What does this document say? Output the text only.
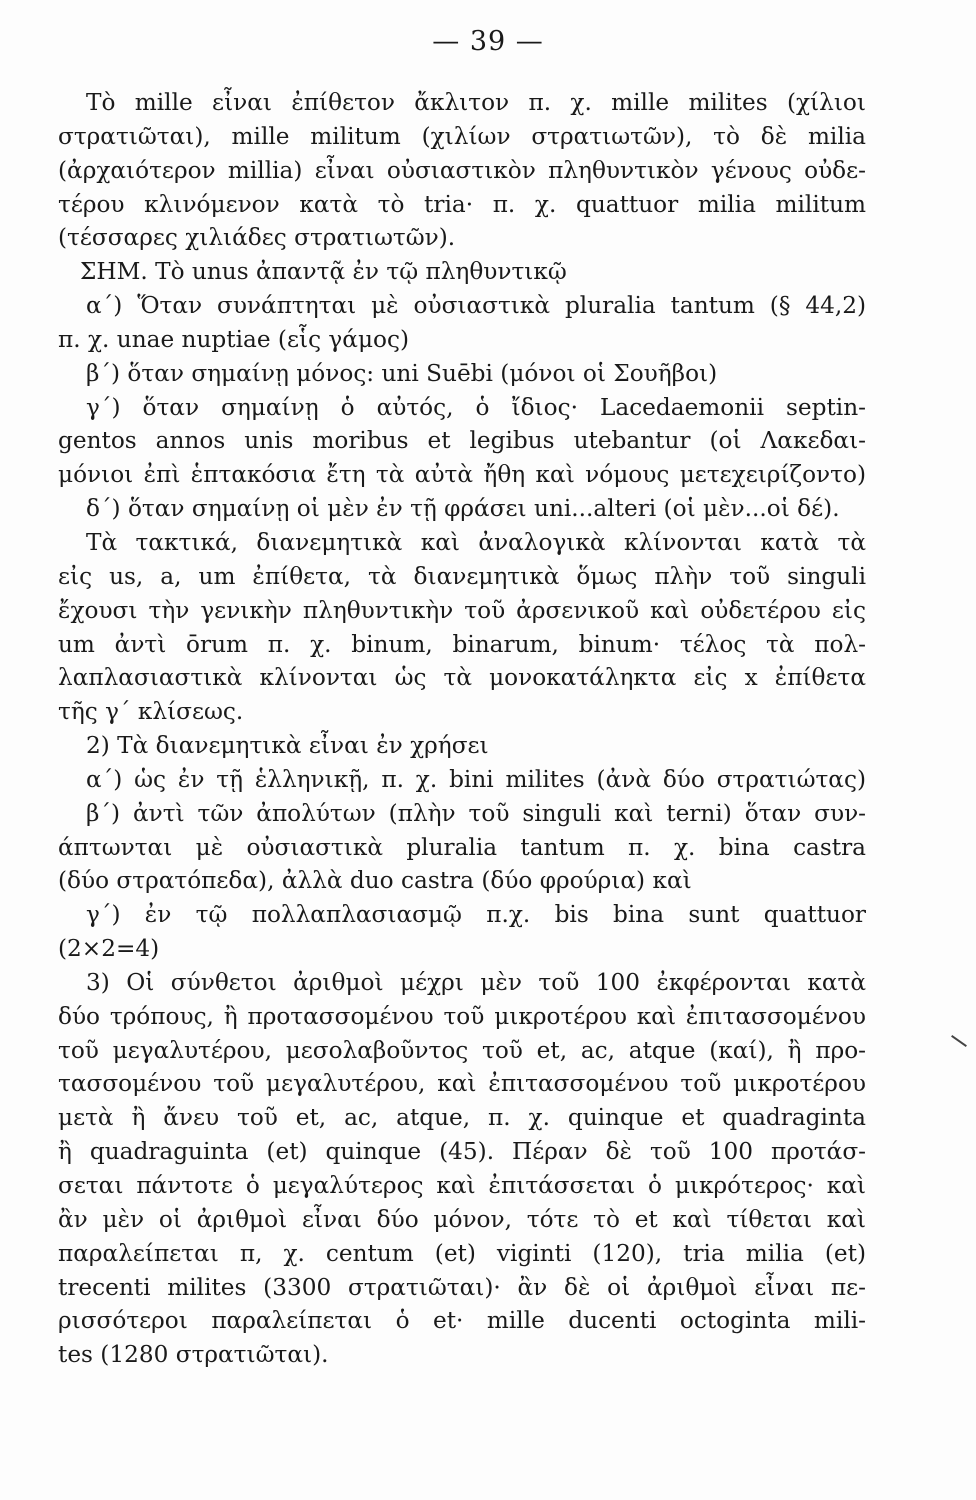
— 39 —
Τὸ mille εἶναι ἐπίθετον ἄκλιτον π. χ. mille milites (χίλιοι
στρατιῶται), mille militum (χιλίων στρατιωτῶν), τὸ δὲ milia
(ἀρχαιότερον millia) εἶναι οὐσιαστικὸν πληθυντικὸν γένους οὐδε-
τέρου κλινόμενον κατὰ τὸ tria· π. χ. quattuor milia militum
(τέσσαρες χιλιάδες στρατιωτῶν).
ΣΗΜ. Τὸ unus ἀπαντᾷ ἐν τῷ πληθυντικῷ
α΄) Ὅταν συνάπτηται μὲ οὐσιαστικὰ pluralia tantum (§ 44,2)
π. χ. unae nuptiae (εἷς γάμος)
β΄) ὅταν σημαίνῃ μόνος: uni Suēbi (μόνοι οἱ Σουῆβοι)
γ΄) ὅταν σημαίνῃ ὁ αὐτός, ὁ ἴδιος· Lacedaemonii septin-
gentos annos unis moribus et legibus utebantur (οἱ Λακεδαι-
μόνιοι ἐπὶ ἑπτακόσια ἔτη τὰ αὐτὰ ἤθη καὶ νόμους μετεχειρίζοντο)
δ΄) ὅταν σημαίνῃ οἱ μὲν ἐν τῇ φράσει uni...alteri (οἱ μὲν...οἱ δέ).
Τὰ τακτικά, διανεμητικὰ καὶ ἀναλογικὰ κλίνονται κατὰ τὰ
εἰς us, a, um ἐπίθετα, τὰ διανεμητικὰ ὅμως πλὴν τοῦ singuli
ἔχουσι τὴν γενικὴν πληθυντικὴν τοῦ ἀρσενικοῦ καὶ οὐδετέρου εἰς
um ἀντὶ ōrum π. χ. binum, binarum, binum· τέλος τὰ πολ-
λαπλασιαστικὰ κλίνονται ὡς τὰ μονοκατάληκτα εἰς x ἐπίθετα
τῆς γ΄ κλίσεως.
2) Τὰ διανεμητικὰ εἶναι ἐν χρήσει
α΄) ὡς ἐν τῇ ἑλληνικῇ, π. χ. bini milites (ἀνὰ δύο στρατιώτας)
β΄) ἀντὶ τῶν ἀπολύτων (πλὴν τοῦ singuli καὶ terni) ὅταν συν-
άπτωνται μὲ οὐσιαστικὰ pluralia tantum π. χ. bina castra
(δύο στρατόπεδα), ἀλλὰ duo castra (δύο φρούρια) καὶ
γ΄) ἐν τῷ πολλαπλασιασμῷ π.χ. bis bina sunt quattuor
(2×2=4)
3) Οἱ σύνθετοι ἀριθμοὶ μέχρι μὲν τοῦ 100 ἐκφέρονται κατὰ
δύο τρόπους, ἢ προτασσομένου τοῦ μικροτέρου καὶ ἐπιτασσομένου
τοῦ μεγαλυτέρου, μεσολαβοῦντος τοῦ et, ac, atque (καί), ἢ προ-
τασσομένου τοῦ μεγαλυτέρου, καὶ ἐπιτασσομένου τοῦ μικροτέρου
μετὰ ἢ ἄνευ τοῦ et, ac, atque, π. χ. quinque et quadraginta
ἢ quadraguinta (et) quinque (45). Πέραν δὲ τοῦ 100 προτάσ-
σεται πάντοτε ὁ μεγαλύτερος καὶ ἐπιτάσσεται ὁ μικρότερος· καὶ
ἂν μὲν οἱ ἀριθμοὶ εἶναι δύο μόνον, τότε τὸ et καὶ τίθεται καὶ
παραλείπεται π, χ. centum (et) viginti (120), tria milia (et)
trecenti milites (3300 στρατιῶται)· ἂν δὲ οἱ ἀριθμοὶ εἶναι πε-
ρισσότεροι παραλείπεται ὁ et· mille ducenti octoginta mili-
tes (1280 στρατιῶται).
